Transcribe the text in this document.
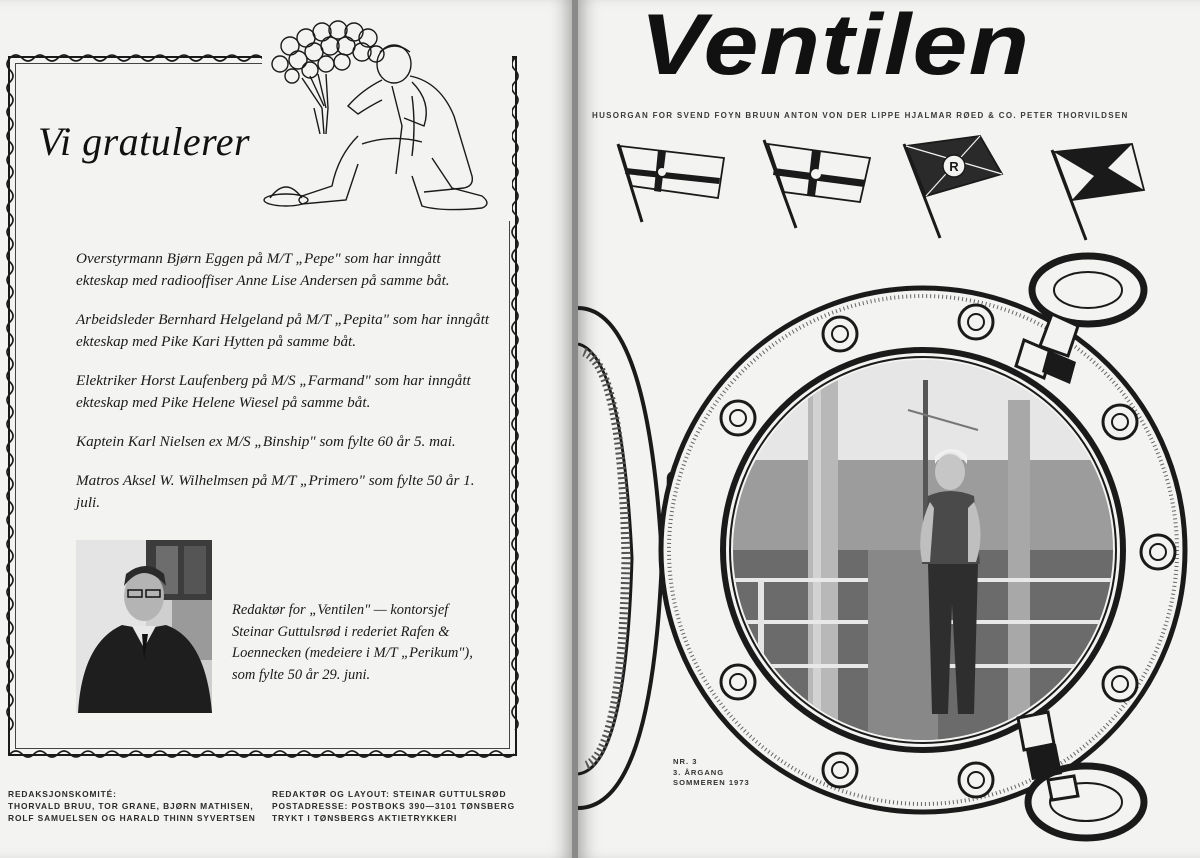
Vi gratulerer

Overstyrmann Bjørn Eggen på M/T „Pepe" som har inngått ekteskap med radiooffiser Anne Lise Andersen på samme båt.

Arbeidsleder Bernhard Helgeland på M/T „Pepita" som har inngått ekteskap med Pike Kari Hytten på samme båt.

Elektriker Horst Laufenberg på M/S „Farmand" som har inngått ekteskap med Pike Helene Wiesel på samme båt.

Kaptein Karl Nielsen ex M/S „Binship" som fylte 60 år 5. mai.

Matros Aksel W. Wilhelmsen på M/T „Primero" som fylte 50 år 1. juli.

Redaktør for „Ventilen" — kontorsjef Steinar Guttulsrød i rederiet Rafen & Loennecken (medeiere i M/T „Perikum"), som fylte 50 år 29. juni.

REDAKSJONSKOMITÉ:

THORVALD BRUU, TOR GRANE, BJØRN MATHISEN,

ROLF SAMUELSEN OG HARALD THINN SYVERTSEN

REDAKTØR OG LAYOUT: STEINAR GUTTULSRØD

POSTADRESSE: POSTBOKS 390—3101 TØNSBERG

TRYKT I TØNSBERGS AKTIETRYKKERI

Ventilen
HUSORGAN FOR SVEND FOYN BRUUN ANTON VON DER LIPPE HJALMAR RØED & CO. PETER THORVILDSEN
R

NR. 3

3. ÅRGANG

SOMMEREN 1973
